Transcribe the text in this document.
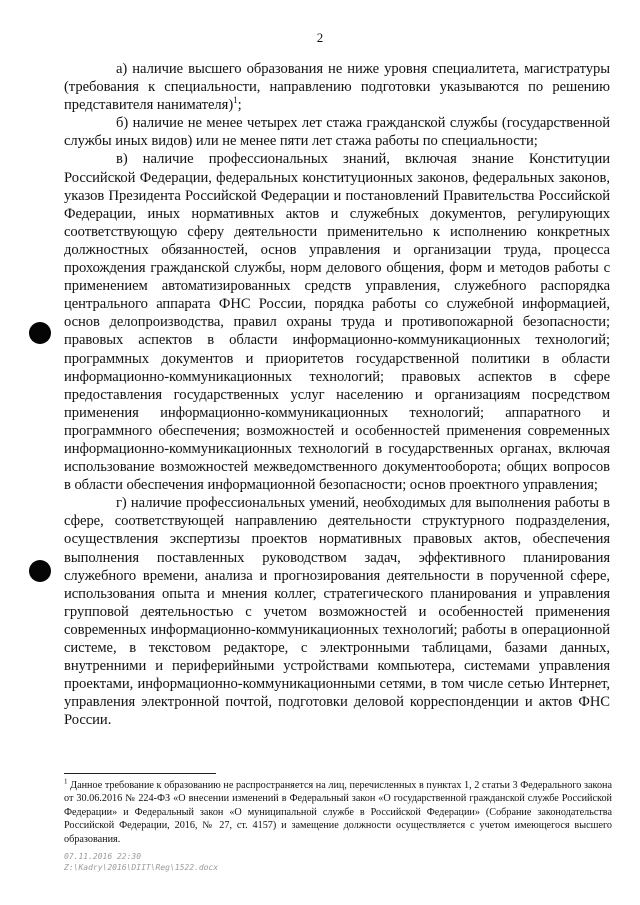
2

а) наличие высшего образования не ниже уровня специалитета, магистратуры (требования к специальности, направлению подготовки указываются по решению представителя нанимателя)$^1$;

б) наличие не менее четырех лет стажа гражданской службы (государственной службы иных видов) или не менее пяти лет стажа работы по специальности;

в) наличие профессиональных знаний, включая знание Конституции Российской Федерации, федеральных конституционных законов, федеральных законов, указов Президента Российской Федерации и постановлений Правительства Российской Федерации, иных нормативных актов и служебных документов, регулирующих соответствующую сферу деятельности применительно к исполнению конкретных должностных обязанностей, основ управления и организации труда, процесса прохождения гражданской службы, норм делового общения, форм и методов работы с применением автоматизированных средств управления, служебного распорядка центрального аппарата ФНС России, порядка работы со служебной информацией, основ делопроизводства, правил охраны труда и противопожарной безопасности; правовых аспектов в области информационно-коммуникационных технологий; программных документов и приоритетов государственной политики в области информационно-коммуникационных технологий; правовых аспектов в сфере предоставления государственных услуг населению и организациям посредством применения информационно-коммуникационных технологий; аппаратного и программного обеспечения; возможностей и особенностей применения современных информационно-коммуникационных технологий в государственных органах, включая использование возможностей межведомственного документооборота; общих вопросов в области обеспечения информационной безопасности; основ проектного управления;

г) наличие профессиональных умений, необходимых для выполнения работы в сфере, соответствующей направлению деятельности структурного подразделения, осуществления экспертизы проектов нормативных правовых актов, обеспечения выполнения поставленных руководством задач, эффективного планирования служебного времени, анализа и прогнозирования деятельности в порученной сфере, использования опыта и мнения коллег, стратегического планирования и управления групповой деятельностью с учетом возможностей и особенностей применения современных информационно-коммуникационных технологий; работы в операционной системе, в текстовом редакторе, с электронными таблицами, базами данных, внутренними и периферийными устройствами компьютера, системами управления проектами, информационно-коммуникационными сетями, в том числе сетью Интернет, управления электронной почтой, подготовки деловой корреспонденции и актов ФНС России.

$^1$ Данное требование к образованию не распространяется на лиц, перечисленных в пунктах 1, 2 статьи 3 Федерального закона от 30.06.2016 № 224-ФЗ «О внесении изменений в Федеральный закон «О государственной гражданской службе Российской Федерации» и Федеральный закон «О муниципальной службе в Российской Федерации» (Собрание законодательства Российской Федерации, 2016, № 27, ст. 4157) и замещение должности осуществляется с учетом имеющегося высшего образования.
07.11.2016 22:30
Z:\Kadry\2016\DIIT\Reg\1522.docx
